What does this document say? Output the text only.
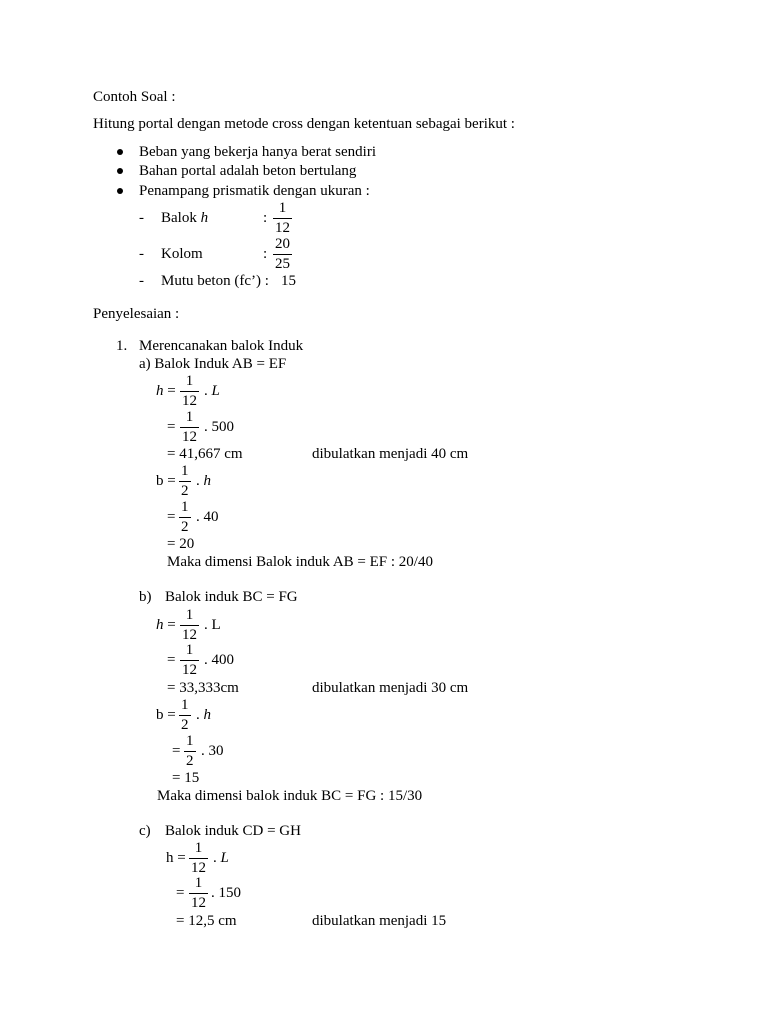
Contoh Soal :
Hitung portal dengan metode cross dengan ketentuan sebagai berikut :
Beban yang bekerja hanya berat sendiri
Bahan portal adalah beton bertulang
Penampang prismatik dengan ukuran :
- Balok h	: $\frac{1}{12}$
- Kolom	: $\frac{20}{25}$
- Mutu beton (fc’) : 15
Penyelesaian :
1. Merencanakan balok Induk
a) Balok Induk AB = EF
$h = \frac{1}{12}$ . L
= $\frac{1}{12}$ . 500
= 41,667 cm	dibulatkan menjadi 40 cm
$b = \frac{1}{2}$ . h
= $\frac{1}{2}$ . 40
= 20
Maka dimensi Balok induk AB = EF : 20/40
b) Balok induk BC = FG
$h = \frac{1}{12}$ . L
= $\frac{1}{12}$ . 400
= 33,333cm	dibulatkan menjadi 30 cm
$b = \frac{1}{2}$ . h
= $\frac{1}{2}$ . 30
= 15
Maka dimensi balok induk BC = FG : 15/30
c) Balok induk CD = GH
$h = \frac{1}{12}$ . L
= $\frac{1}{12}$ . 150
= 12,5 cm	dibulatkan menjadi 15
